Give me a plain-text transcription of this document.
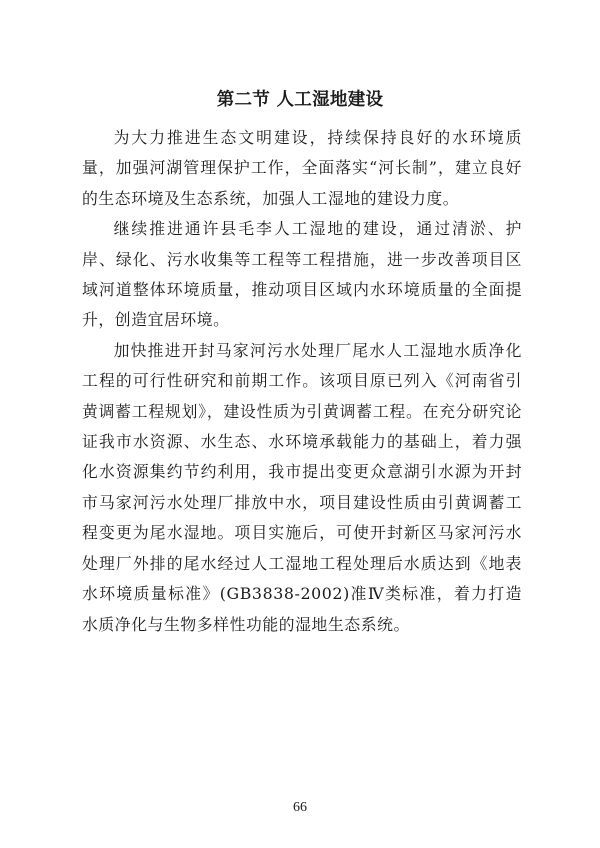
第二节 人工湿地建设

为大力推进生态文明建设，持续保持良好的水环境质量，加强河湖管理保护工作，全面落实“河长制”，建立良好的生态环境及生态系统，加强人工湿地的建设力度。

继续推进通许县毛李人工湿地的建设，通过清淤、护岸、绿化、污水收集等工程等工程措施，进一步改善项目区域河道整体环境质量，推动项目区域内水环境质量的全面提升，创造宜居环境。

加快推进开封马家河污水处理厂尾水人工湿地水质净化工程的可行性研究和前期工作。该项目原已列入《河南省引黄调蓄工程规划》，建设性质为引黄调蓄工程。在充分研究论证我市水资源、水生态、水环境承载能力的基础上，着力强化水资源集约节约利用，我市提出变更众意湖引水源为开封市马家河污水处理厂排放中水，项目建设性质由引黄调蓄工程变更为尾水湿地。项目实施后，可使开封新区马家河污水处理厂外排的尾水经过人工湿地工程处理后水质达到《地表水环境质量标准》(GB3838-2002)准Ⅳ类标准，着力打造水质净化与生物多样性功能的湿地生态系统。

66
